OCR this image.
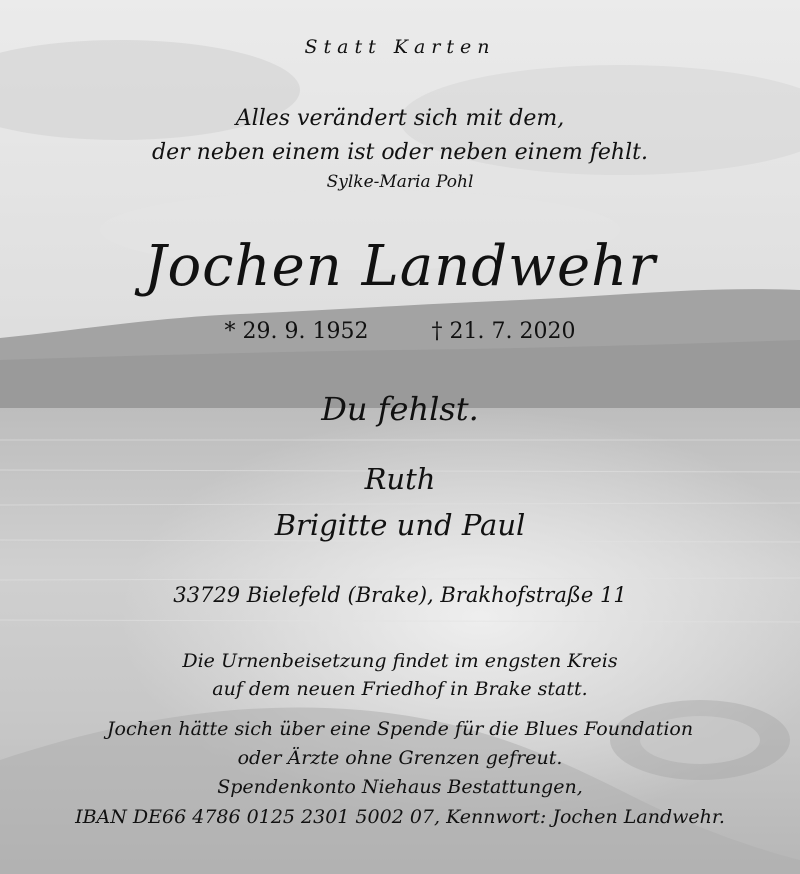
Statt Karten
Alles verändert sich mit dem,
der neben einem ist oder neben einem fehlt.
Sylke-Maria Pohl
Jochen Landwehr
* 29. 9. 1952	† 21. 7. 2020
Du fehlst.
Ruth
Brigitte und Paul
33729 Bielefeld (Brake), Brakhofstraße 11
Die Urnenbeisetzung findet im engsten Kreis
auf dem neuen Friedhof in Brake statt.
Jochen hätte sich über eine Spende für die Blues Foundation
oder Ärzte ohne Grenzen gefreut.
Spendenkonto Niehaus Bestattungen,
IBAN DE66 4786 0125 2301 5002 07, Kennwort: Jochen Landwehr.
